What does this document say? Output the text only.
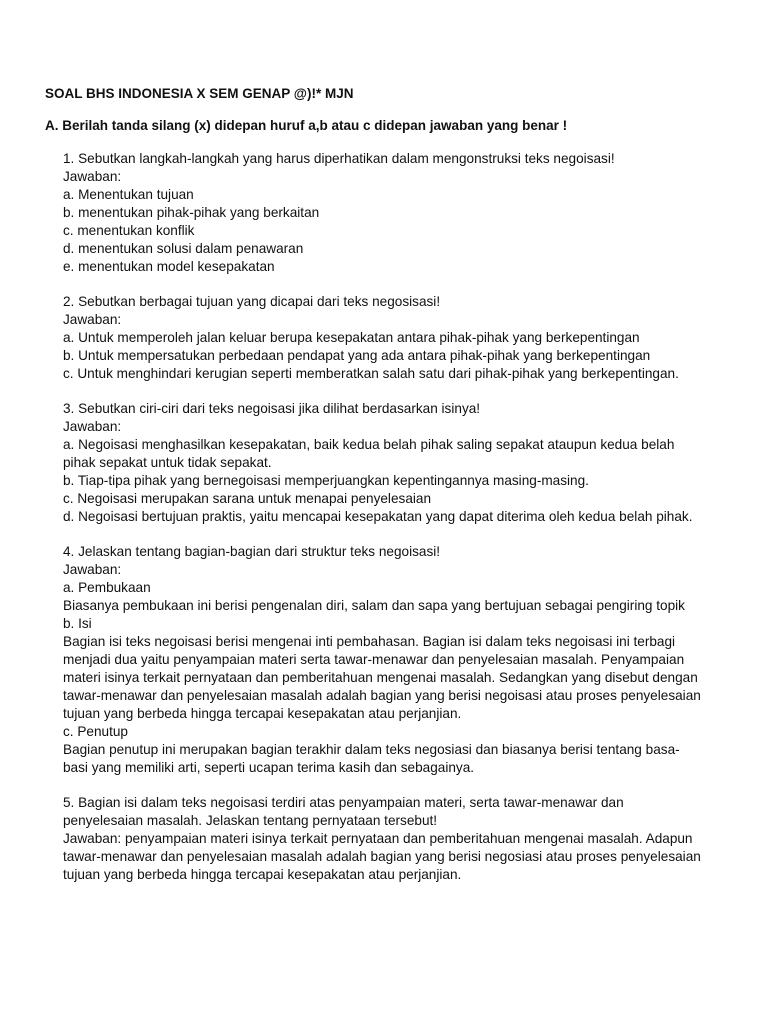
SOAL BHS INDONESIA X SEM GENAP @)!* MJN
A. Berilah tanda silang (x) didepan huruf a,b atau c didepan jawaban yang benar !
1. Sebutkan langkah-langkah yang harus diperhatikan dalam mengonstruksi teks negoisasi!
Jawaban:
a. Menentukan tujuan
b. menentukan pihak-pihak yang berkaitan
c. menentukan konflik
d. menentukan solusi dalam penawaran
e. menentukan model kesepakatan
2. Sebutkan berbagai tujuan yang dicapai dari teks negosisasi!
Jawaban:
a. Untuk memperoleh jalan keluar berupa kesepakatan antara pihak-pihak yang berkepentingan
b. Untuk mempersatukan perbedaan pendapat yang ada antara pihak-pihak yang berkepentingan
c. Untuk menghindari kerugian seperti memberatkan salah satu dari pihak-pihak yang berkepentingan.
3. Sebutkan ciri-ciri dari teks negoisasi jika dilihat berdasarkan isinya!
Jawaban:
a. Negoisasi menghasilkan kesepakatan, baik kedua belah pihak saling sepakat ataupun kedua belah
pihak sepakat untuk tidak sepakat.
b. Tiap-tipa pihak yang bernegoisasi memperjuangkan kepentingannya masing-masing.
c. Negoisasi merupakan sarana untuk menapai penyelesaian
d. Negoisasi bertujuan praktis, yaitu mencapai kesepakatan yang dapat diterima oleh kedua belah pihak.
4. Jelaskan tentang bagian-bagian dari struktur teks negoisasi!
Jawaban:
a. Pembukaan
Biasanya pembukaan ini berisi pengenalan diri, salam dan sapa yang bertujuan sebagai pengiring topik
b. Isi
Bagian isi teks negoisasi berisi mengenai inti pembahasan. Bagian isi dalam teks negoisasi ini terbagi
menjadi dua yaitu penyampaian materi serta tawar-menawar dan penyelesaian masalah. Penyampaian
materi isinya terkait pernyataan dan pemberitahuan mengenai masalah. Sedangkan yang disebut dengan
tawar-menawar dan penyelesaian masalah adalah bagian yang berisi negoisasi atau proses penyelesaian
tujuan yang berbeda hingga tercapai kesepakatan atau perjanjian.
c. Penutup
Bagian penutup ini merupakan bagian terakhir dalam teks negosiasi dan biasanya berisi tentang basa-
basi yang memiliki arti, seperti ucapan terima kasih dan sebagainya.
5. Bagian isi dalam teks negoisasi terdiri atas penyampaian materi, serta tawar-menawar dan
penyelesaian masalah. Jelaskan tentang pernyataan tersebut!
Jawaban: penyampaian materi isinya terkait pernyataan dan pemberitahuan mengenai masalah. Adapun
tawar-menawar dan penyelesaian masalah adalah bagian yang berisi negosiasi atau proses penyelesaian
tujuan yang berbeda hingga tercapai kesepakatan atau perjanjian.
